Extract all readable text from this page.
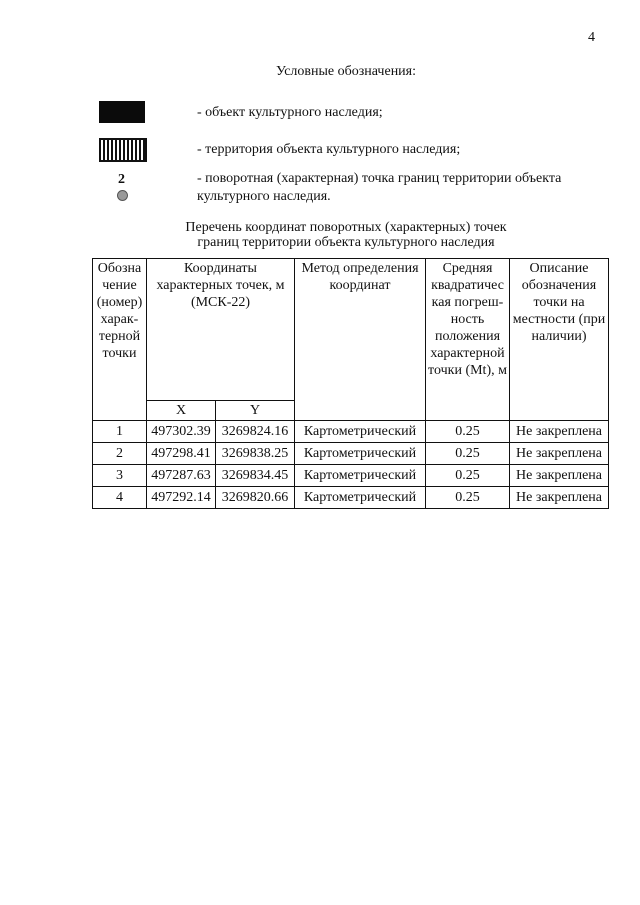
4
Условные обозначения:
- объект культурного наследия;
- территория объекта культурного наследия;
2	- поворотная (характерная) точка границ территории объекта культурного наследия.
Перечень координат поворотных (характерных) точек
границ территории объекта культурного наследия
Обозна чение (номер) харак- терной точки	Координаты характерных точек, м (МСК-22)		Метод определения координат	Средняя квадратичес кая погреш- ность положения характерной точки (Mt), м	Описание обозначения точки на местности (при наличии)
	X	Y			
1	497302.39	3269824.16	Картометрический	0.25	Не закреплена
2	497298.41	3269838.25	Картометрический	0.25	Не закреплена
3	497287.63	3269834.45	Картометрический	0.25	Не закреплена
4	497292.14	3269820.66	Картометрический	0.25	Не закреплена
